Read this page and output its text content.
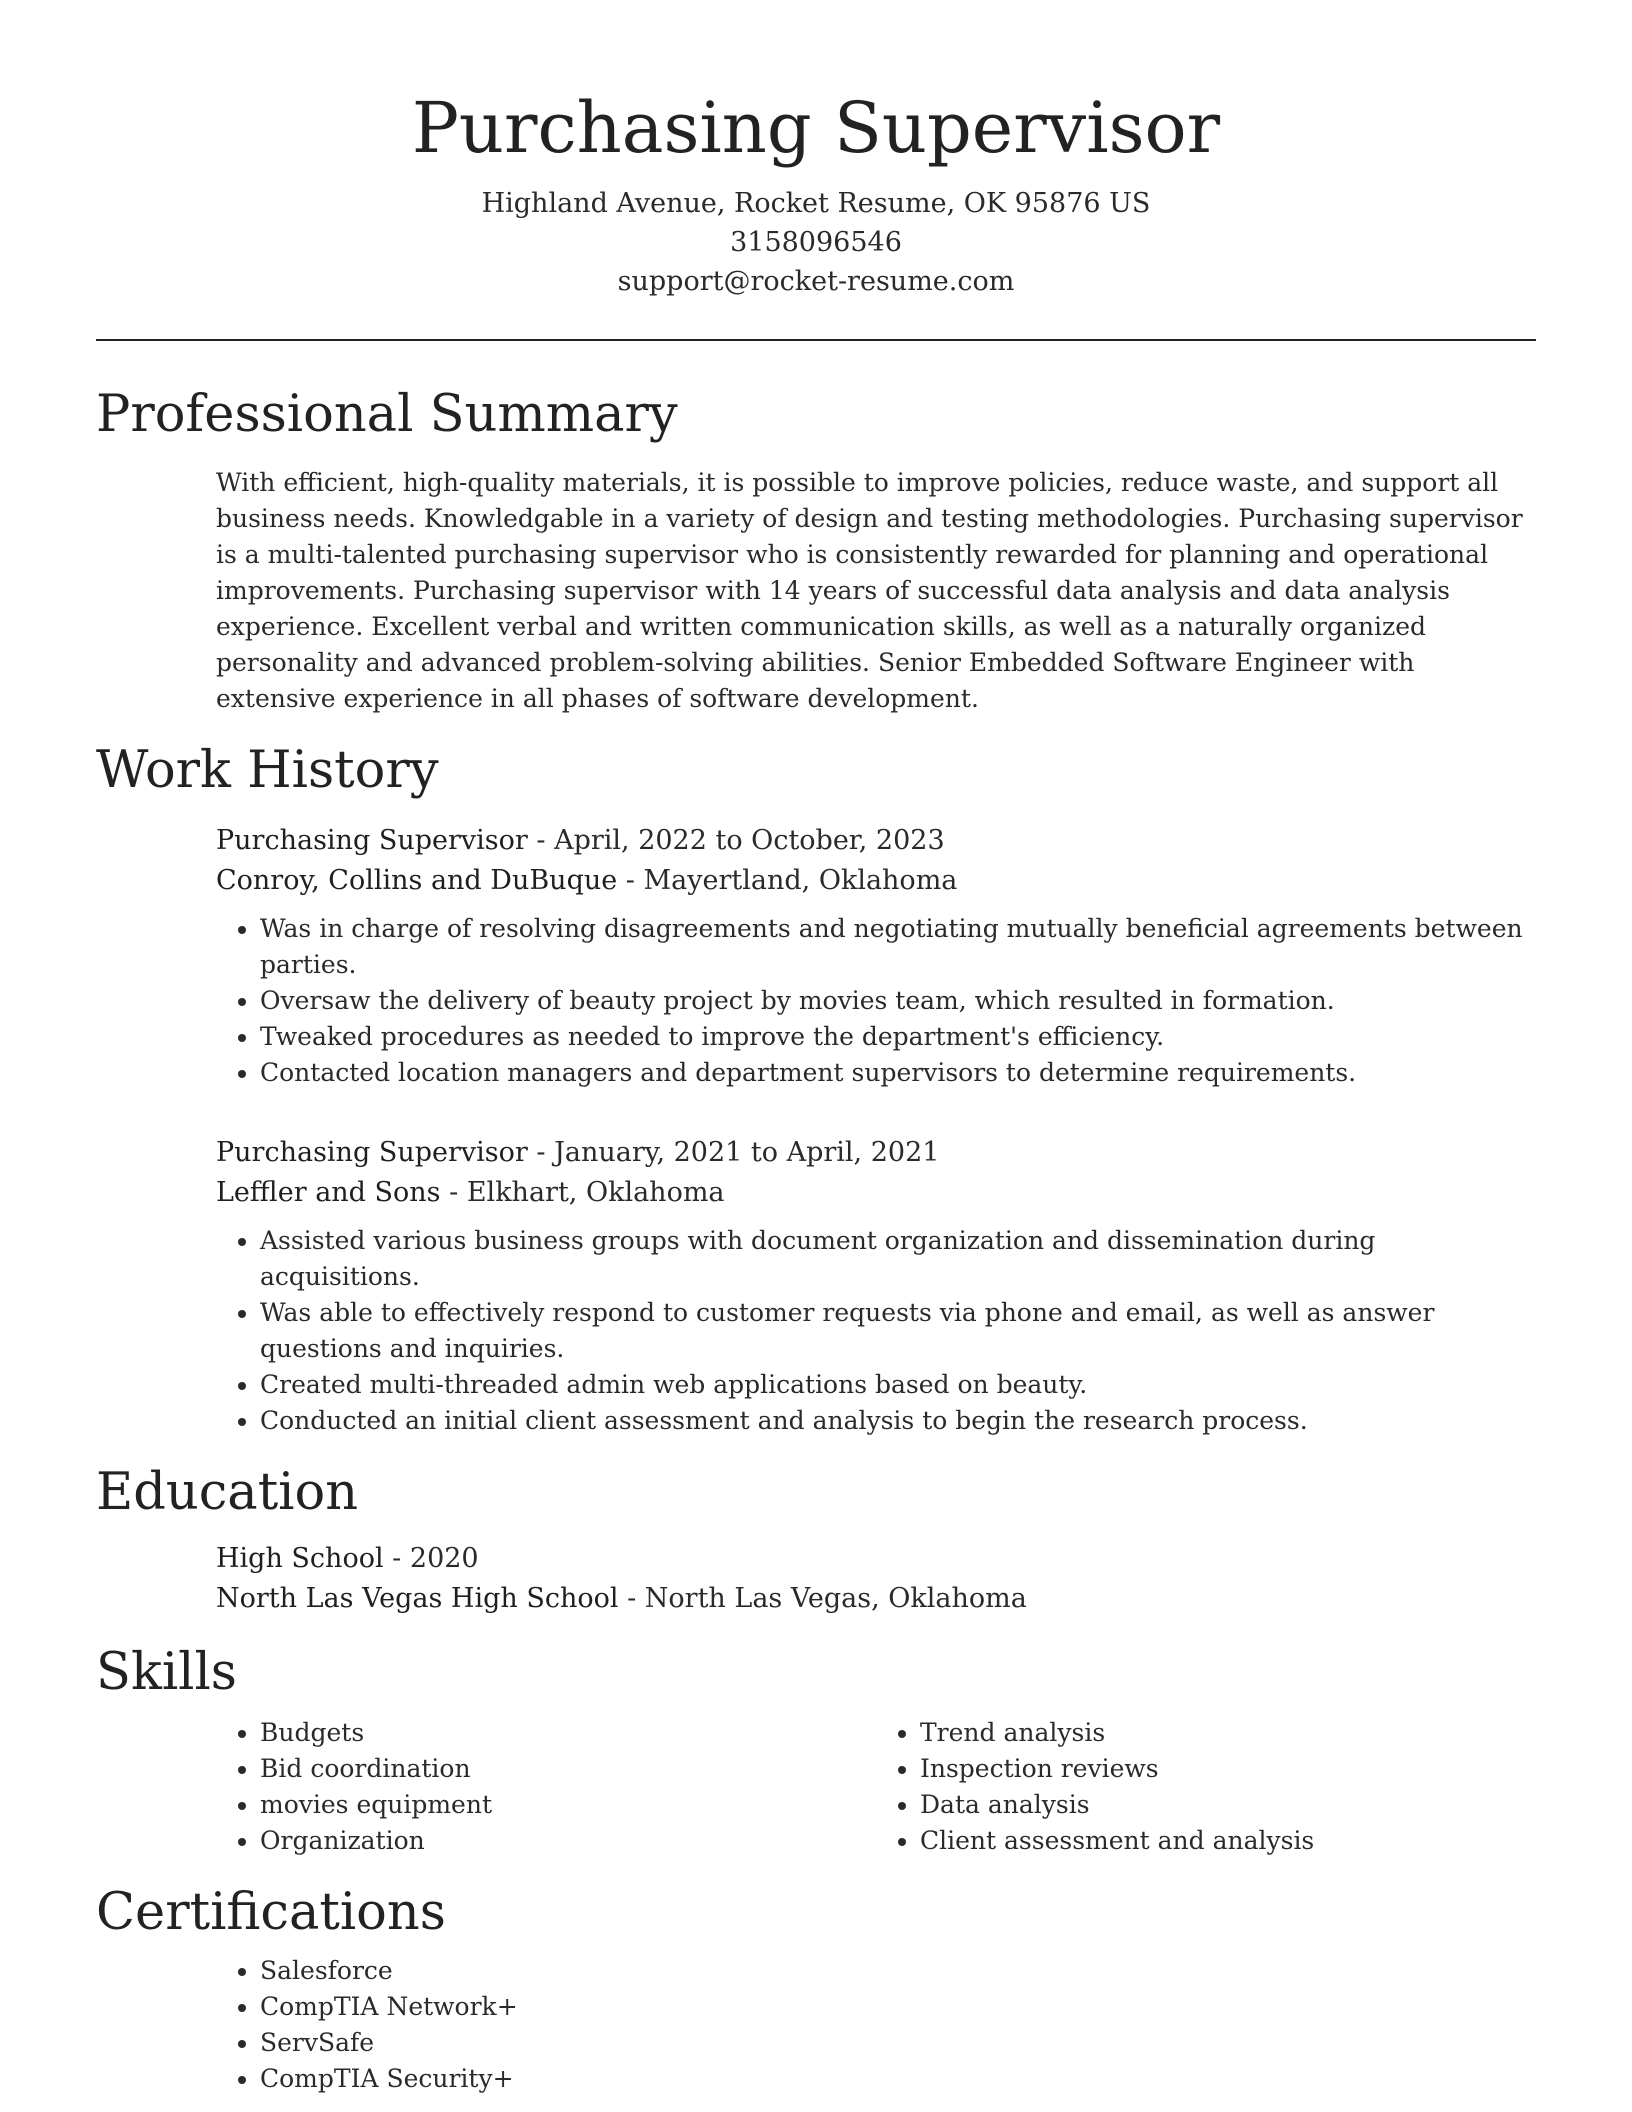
Purchasing Supervisor
Highland Avenue, Rocket Resume, OK 95876 US
3158096546
support@rocket-resume.com
Professional Summary
With efficient, high-quality materials, it is possible to improve policies, reduce waste, and support all business needs. Knowledgable in a variety of design and testing methodologies. Purchasing supervisor is a multi-talented purchasing supervisor who is consistently rewarded for planning and operational improvements. Purchasing supervisor with 14 years of successful data analysis and data analysis experience. Excellent verbal and written communication skills, as well as a naturally organized personality and advanced problem-solving abilities. Senior Embedded Software Engineer with extensive experience in all phases of software development.
Work History
Purchasing Supervisor - April, 2022 to October, 2023
Conroy, Collins and DuBuque - Mayertland, Oklahoma
• Was in charge of resolving disagreements and negotiating mutually beneficial agreements between parties.
• Oversaw the delivery of beauty project by movies team, which resulted in formation.
• Tweaked procedures as needed to improve the department's efficiency.
• Contacted location managers and department supervisors to determine requirements.
Purchasing Supervisor - January, 2021 to April, 2021
Leffler and Sons - Elkhart, Oklahoma
• Assisted various business groups with document organization and dissemination during acquisitions.
• Was able to effectively respond to customer requests via phone and email, as well as answer questions and inquiries.
• Created multi-threaded admin web applications based on beauty.
• Conducted an initial client assessment and analysis to begin the research process.
Education
High School - 2020
North Las Vegas High School - North Las Vegas, Oklahoma
Skills
• Budgets
• Bid coordination
• movies equipment
• Organization
• Trend analysis
• Inspection reviews
• Data analysis
• Client assessment and analysis
Certifications
• Salesforce
• CompTIA Network+
• ServSafe
• CompTIA Security+
